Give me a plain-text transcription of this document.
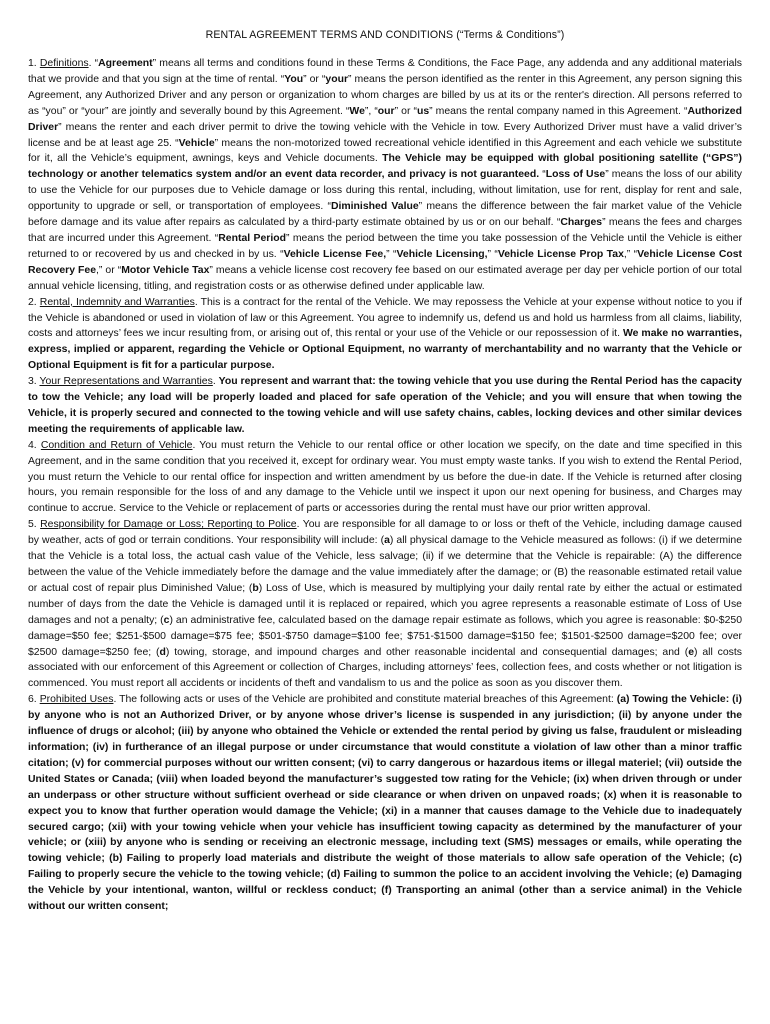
RENTAL AGREEMENT TERMS AND CONDITIONS (“Terms & Conditions”)

1. Definitions. “Agreement” means all terms and conditions found in these Terms & Conditions, the Face Page, any addenda and any additional materials that we provide and that you sign at the time of rental. “You” or “your” means the person identified as the renter in this Agreement, any person signing this Agreement, any Authorized Driver and any person or organization to whom charges are billed by us at its or the renter's direction. All persons referred to as “you” or “your” are jointly and severally bound by this Agreement. “We”, “our” or “us” means the rental company named in this Agreement. “Authorized Driver” means the renter and each driver permit to drive the towing vehicle with the Vehicle in tow. Every Authorized Driver must have a valid driver’s license and be at least age 25. “Vehicle” means the non-motorized towed recreational vehicle identified in this Agreement and each vehicle we substitute for it, all the Vehicle’s equipment, awnings, keys and Vehicle documents. The Vehicle may be equipped with global positioning satellite (“GPS”) technology or another telematics system and/or an event data recorder, and privacy is not guaranteed. “Loss of Use” means the loss of our ability to use the Vehicle for our purposes due to Vehicle damage or loss during this rental, including, without limitation, use for rent, display for rent and sale, opportunity to upgrade or sell, or transportation of employees. “Diminished Value” means the difference between the fair market value of the Vehicle before damage and its value after repairs as calculated by a third-party estimate obtained by us or on our behalf. “Charges” means the fees and charges that are incurred under this Agreement. “Rental Period” means the period between the time you take possession of the Vehicle until the Vehicle is either returned to or recovered by us and checked in by us. “Vehicle License Fee,” “Vehicle Licensing,” “Vehicle License Prop Tax,” “Vehicle License Cost Recovery Fee,” or “Motor Vehicle Tax” means a vehicle license cost recovery fee based on our estimated average per day per vehicle portion of our total annual vehicle licensing, titling, and registration costs or as otherwise defined under applicable law.

2. Rental, Indemnity and Warranties. This is a contract for the rental of the Vehicle. We may repossess the Vehicle at your expense without notice to you if the Vehicle is abandoned or used in violation of law or this Agreement. You agree to indemnify us, defend us and hold us harmless from all claims, liability, costs and attorneys’ fees we incur resulting from, or arising out of, this rental or your use of the Vehicle or our repossession of it. We make no warranties, express, implied or apparent, regarding the Vehicle or Optional Equipment, no warranty of merchantability and no warranty that the Vehicle or Optional Equipment is fit for a particular purpose.

3. Your Representations and Warranties. You represent and warrant that: the towing vehicle that you use during the Rental Period has the capacity to tow the Vehicle; any load will be properly loaded and placed for safe operation of the Vehicle; and you will ensure that when towing the Vehicle, it is properly secured and connected to the towing vehicle and will use safety chains, cables, locking devices and other similar devices meeting the requirements of applicable law.

4. Condition and Return of Vehicle. You must return the Vehicle to our rental office or other location we specify, on the date and time specified in this Agreement, and in the same condition that you received it, except for ordinary wear. You must empty waste tanks. If you wish to extend the Rental Period, you must return the Vehicle to our rental office for inspection and written amendment by us before the due-in date. If the Vehicle is returned after closing hours, you remain responsible for the loss of and any damage to the Vehicle until we inspect it upon our next opening for business, and Charges may continue to accrue. Service to the Vehicle or replacement of parts or accessories during the rental must have our prior written approval.

5. Responsibility for Damage or Loss; Reporting to Police. You are responsible for all damage to or loss or theft of the Vehicle, including damage caused by weather, acts of god or terrain conditions. Your responsibility will include: (a) all physical damage to the Vehicle measured as follows: (i) if we determine that the Vehicle is a total loss, the actual cash value of the Vehicle, less salvage; (ii) if we determine that the Vehicle is repairable: (A) the difference between the value of the Vehicle immediately before the damage and the value immediately after the damage; or (B) the reasonable estimated retail value or actual cost of repair plus Diminished Value; (b) Loss of Use, which is measured by multiplying your daily rental rate by either the actual or estimated number of days from the date the Vehicle is damaged until it is replaced or repaired, which you agree represents a reasonable estimate of Loss of Use damages and not a penalty; (c) an administrative fee, calculated based on the damage repair estimate as follows, which you agree is reasonable: $0-$250 damage=$50 fee; $251-$500 damage=$75 fee; $501-$750 damage=$100 fee; $751-$1500 damage=$150 fee; $1501-$2500 damage=$200 fee; over $2500 damage=$250 fee; (d) towing, storage, and impound charges and other reasonable incidental and consequential damages; and (e) all costs associated with our enforcement of this Agreement or collection of Charges, including attorneys’ fees, collection fees, and costs whether or not litigation is commenced. You must report all accidents or incidents of theft and vandalism to us and the police as soon as you discover them.

6. Prohibited Uses. The following acts or uses of the Vehicle are prohibited and constitute material breaches of this Agreement: (a) Towing the Vehicle: (i) by anyone who is not an Authorized Driver, or by anyone whose driver’s license is suspended in any jurisdiction; (ii) by anyone under the influence of drugs or alcohol; (iii) by anyone who obtained the Vehicle or extended the rental period by giving us false, fraudulent or misleading information; (iv) in furtherance of an illegal purpose or under circumstance that would constitute a violation of law other than a minor traffic citation; (v) for commercial purposes without our written consent; (vi) to carry dangerous or hazardous items or illegal materiel; (vii) outside the United States or Canada; (viii) when loaded beyond the manufacturer’s suggested tow rating for the Vehicle; (ix) when driven through or under an underpass or other structure without sufficient overhead or side clearance or when driven on unpaved roads; (x) when it is reasonable to expect you to know that further operation would damage the Vehicle; (xi) in a manner that causes damage to the Vehicle due to inadequately secured cargo; (xii) with your towing vehicle when your vehicle has insufficient towing capacity as determined by the manufacturer of your vehicle; or (xiii) by anyone who is sending or receiving an electronic message, including text (SMS) messages or emails, while operating the towing vehicle; (b) Failing to properly load materials and distribute the weight of those materials to allow safe operation of the Vehicle; (c) Failing to properly secure the vehicle to the towing vehicle; (d) Failing to summon the police to an accident involving the Vehicle; (e) Damaging the Vehicle by your intentional, wanton, willful or reckless conduct; (f) Transporting an animal (other than a service animal) in the Vehicle without our written consent;
